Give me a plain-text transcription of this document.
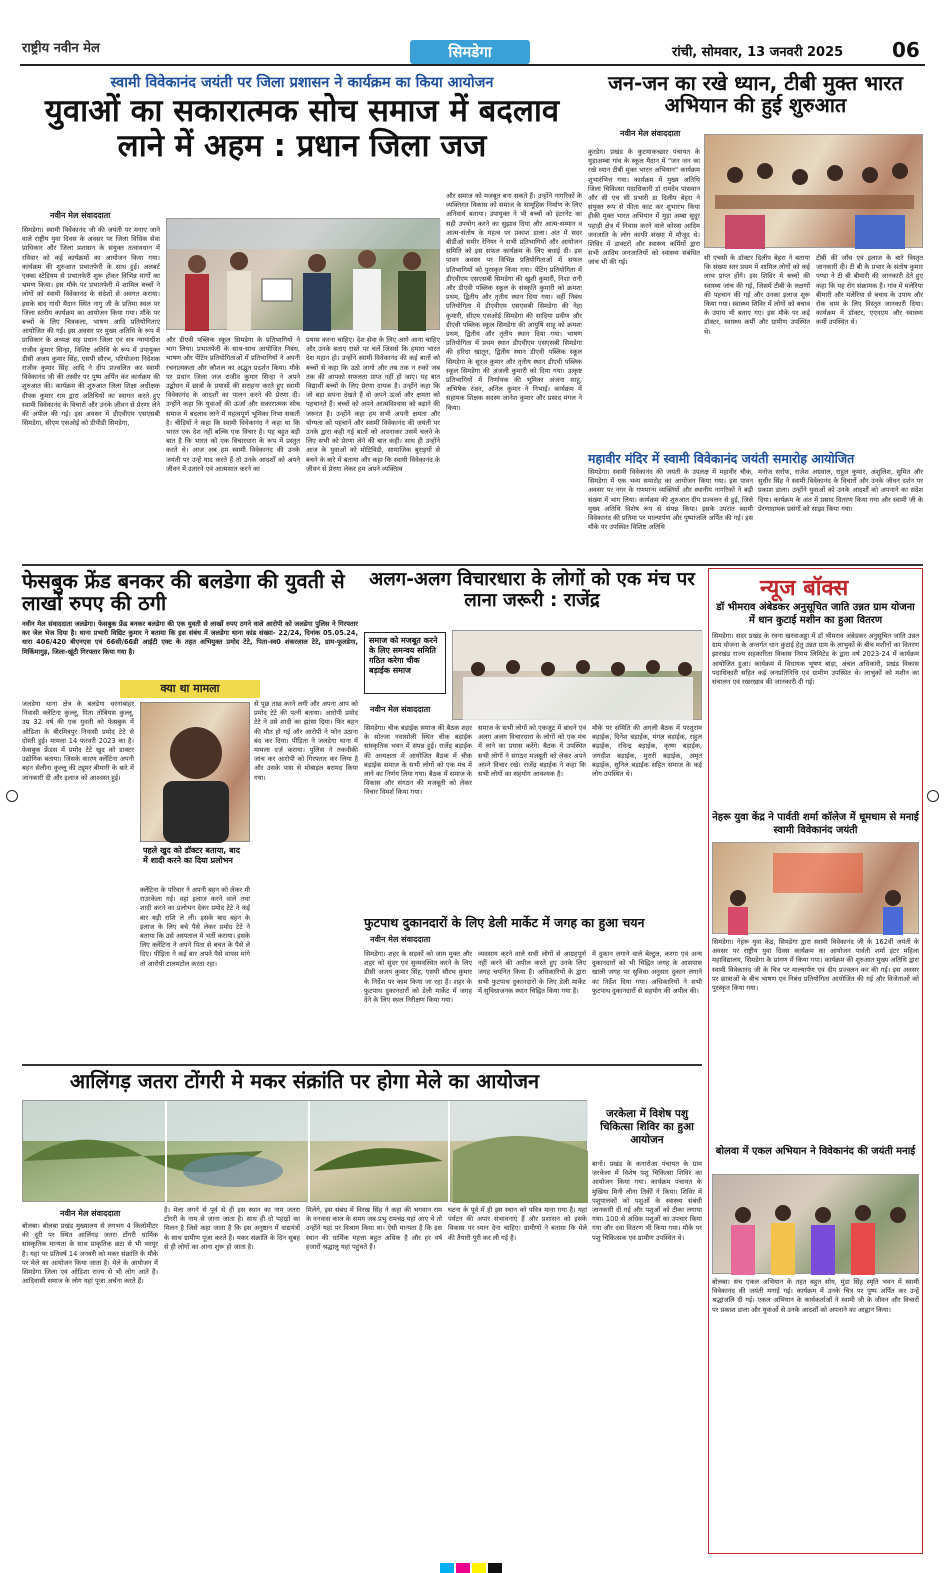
राष्ट्रीय नवीन मेल	सिमडेगा	रांची, सोमवार, 13 जनवरी 2025 06
स्वामी विवेकानंद जयंती पर जिला प्रशासन ने कार्यक्रम का किया आयोजन
युवाओं का सकारात्मक सोच समाज में बदलाव लाने में अहम : प्रधान जिला जज
नवीन मेल संवाददाता
सिमडेगा। स्वामी विवेकानंद जी की जयंती पर मनाए जाने वाले राष्ट्रीय युवा दिवस के अवसर पर जिला विधिक सेवा प्राधिकार और जिला प्रशासन के संयुक्त तत्वावधान में रविवार को कई कार्यक्रमों का आयोजन किया गया। कार्यक्रम की शुरुआत प्रभातफेरी के साथ हुई। अलबर्ट एक्का स्टेडियम से प्रभातफेरी शुरू होकर विभिन्न मार्गों का भ्रमण किया। इस मौके पर प्रभातफेरी में शामिल बच्चों ने लोगों को स्वामी विवेकानंद के संदेशों से अवगत कराया। इसके बाद गांधी मैदान स्थित नागु जी के प्रतिमा स्थल पर जिला स्तरीय कार्यक्रम का आयोजन किया गया। मौके पर बच्चों के लिए चित्रकला, भाषण आदि प्रतियोगिताएं आयोजित की गईं। इस अवसर पर मुख्य अतिथि के रूप में प्राधिकार के अध्यक्ष सह प्रधान जिला एवं सत्र न्यायाधीश राजीव कुमार सिन्हा, विशिष्ट अतिथि के रूप में उपायुक्त डीसी अजय कुमार सिंह, एसपी सौरभ, परियोजना निदेशक राजीव कुमार सिंह आदि ने दीप प्रज्वलित कर स्वामी विवेकानंद जी की तस्वीर पर पुष्प अर्पित कर कार्यक्रम की शुरुआत की। कार्यक्रम की शुरुआत जिला शिक्षा अधीक्षक दीपक कुमार राम द्वारा अतिथियों का स्वागत करते हुए स्वामी विवेकानंद के विचारों और उनके जीवन से प्रेरणा लेने की अपील की गई। इस अवसर में डीएवीएम एसएसबी सिमडेगा, सीएम एसओई को डीपीडी सिमडेगा,
और डीएवी पब्लिक स्कूल सिमडेगा के प्रतिभागियों ने भाग लिया। प्रभातफेरी के साथ-साथ आयोजित निबंध, भाषण और पेंटिंग प्रतियोगिताओं में प्रतिभागियों ने अपनी रचनात्मकता और कौशल का अद्भुत प्रदर्शन किया। मौके पर प्रधान जिला जज राजीव कुमार सिन्हा ने अपने उद्बोधन में छात्रों के प्रयासों की सराहना करते हुए स्वामी विवेकानंद के आदर्शों का पालन करने की प्रेरणा दी। उन्होंने कहा कि युवाओं की ऊर्जा और सकारात्मक सोच समाज में बदलाव लाने में महत्वपूर्ण भूमिका निभा सकती है। चीड़ियों ने कहा कि स्वामी विवेकानंद ने कहा था कि भारत एक देश नहीं बल्कि एक विचार है। यह बहुत बड़ी बात है कि भारत को एक विचारधारा के रूप में प्रस्तुत करते थे। आज अब हम स्वामी विवेकानंद की उनके जयंती पर उन्हें याद करते हैं तो उनके आदर्शों को अपने जीवन में उतारने एवं आत्मसात करने का
प्रयास करना चाहिए। देश सेवा के लिए आगे आना चाहिए और उनके बताए रास्ते पर चलें जिससे कि हमारा भारत देश महान हो। उन्होंने स्वामी विवेकानंद की कई बातों को बच्चों से कहा कि उठो जागो और तब तक न रुको जब तक की आपको सफलता प्राप्त नहीं हो जाए। यह बात विद्यार्थी बच्चों के लिए प्रेरणा दायक है। उन्होंने कहा कि जो बड़ा सपना देखते हैं वो अपने ऊर्जा और क्षमता को पहचानते हैं। बच्चों को अपने आत्मविश्वास को बढ़ाने की जरूरत है। उन्होंने कहा हम सभी अपनी क्षमता और योग्यता को पहचानें और स्वामी विवेकानंद की जयंती पर उनके द्वारा कही गई बातों को अपनाकर उसमें चलने के लिए सभी को प्रेरणा लेने की बात कही। साथ ही उन्होंने आज के युवाओं को मोटिविडी, सामाजिक बुराइयों से बचने के बारे में बताया और कहा कि स्वामी विवेकानंद के जीवन से प्रेरणा लेकर हम अपने व्यक्तित्व
और समाज को मजबूत बना सकते हैं। उन्होंने नागरिकों के व्यक्तिगत विकास को समाज के सामूहिक निर्माण के लिए अनिवार्य बताया। उपायुक्त ने भी बच्चों को इंटरनेट का सही उपयोग करने का सुझाव दिया और आत्म-सम्मान व आत्म-संतोष के महत्व पर प्रकाश डाला। अंत में सदर बीडीओ समीर रेनियर ने सभी प्रतिभागियों और आयोजन समिति को इस सफल कार्यक्रम के लिए बधाई दी। इस पावन अवसर पर विभिन्न प्रतियोगिताओं में सफल प्रतिभागियों को पुरस्कृत किया गया। पेंटिंग प्रतियोगिता में डीएवीएम एसएसबी सिमडेगा की खुशी कुमारी, निशा रानी और डीएवी पब्लिक स्कूल के संस्कृति कुमारी को क्रमशः प्रथम, द्वितीय और तृतीय स्थान दिया गया। वहीं निबंध प्रतियोगिता में डीएवीएम एसएसबी सिमडेगा की नेहा कुमारी, सीएम एसओई सिमडेगा की सादिया प्रवीण और डीएवी पब्लिक स्कूल सिमडेगा की आयुषि साहू को क्रमशः प्रथम, द्वितीय और तृतीय स्थान दिया गया। भाषण प्रतियोगिता में प्रथम स्थान डीएवीएम एसएसबी सिमडेगा की हरिदा खातून, द्वितीय स्थान डीएवी पब्लिक स्कूल सिमडेगा के सूरज कुमार और तृतीय स्थान डीएवी पब्लिक स्कूल सिमडेगा की अंजली कुमारी को दिया गया। उत्कृष्ट प्रतिभागियों में निर्णायक की भूमिका अंजना साहू, अभिषेक रंजन, अनिल कुमार ने निभाई। कार्यक्रम में सहायक शिक्षक सदस्य जानेश कुमार और प्रसाद मंगल ने किया।
जन-जन का रखे ध्यान, टीबी मुक्त भारत अभियान की हुई शुरुआत
नवीन मेल संवाददाता
कुरडेग। प्रखंड के कुटमाकच्छार पंचायत के मुड़ाअम्बा गांव के स्कूल मैदान में "जन जन का रखे ध्यान टीबी मुक्त भारत अभियान" कार्यक्रम शुभारंभित्त गया। कार्यक्रम में मुख्य अतिथि जिला चिकित्सा पदाधिकारी डॉ रामदेव पासवान और सी एच सी प्रभारी डा दिलीप बेहरा ने संयुक्त रूप से फीता काट कर शुभारंभ किया हीकी मुक्त भारत अभियान में मुड़ा अम्बा सुदूर पहाड़ी क्षेत्र में निवास करने वाले कोरवा आदिम जनजाति के लोग काफी संख्या में मौजूद थे। शिविर में डाक्टरों और स्वास्थ्य कर्मियों द्वारा सभी आदिम जनजातियों को स्वास्थ्य संबंधित जांच भी की गई।
सी एचसी के डॉक्टर दिलीप बेहरा ने बताया कि संख्या स्तर प्रथम में शामिल लोगों को कई लाभ प्राप्त होंगे। इस शिविर में बच्चों की स्वास्थ्य जांच की गई, जिसमें टीबी के लक्षणों की पहचान की गई और उनका इलाज शुरू किया गया। स्वास्थ्य शिविर में लोगों को बचाव के उपाय भी बताए गए। इस मौके पर कई डॉक्टर, स्वास्थ्य कर्मी और ग्रामीण उपस्थित थे।
टीबी की जाँच एवं इलाज के बारे विस्तृत जानकारी दी। टी बी के प्रभार के संतोष कुमार पण्डा ने टी बी बीमारी की जानकारी देते हुए कहा कि यह रोग संक्रामक है। गांव में मलेरिया बीमारी और मलेरिया से बचाव के उपाय और रोक थाम के लिए विस्तृत जानकारी दिया। कार्यक्रम में डॉक्टर, एएनएम और स्वास्थ्य कर्मी उपस्थित थे।
महावीर मंदिर में स्वामी विवेकानंद जयंती समारोह आयोजित
सिमडेगा। स्वामी विवेकानंद की जयंती के उपलक्ष में महावीर चौक, सिमडेगा में एक भव्य समारोह का आयोजन किया गया। इस पावन अवसर पर नगर के गणमान्य व्यक्तियों और स्थानीय नागरिकों ने बड़ी संख्या में भाग लिया। कार्यक्रम की शुरुआत दीप प्रज्वलन से हुई, जिसे मुख्य अतिथि विशेष रूप से संपन्न किया। इसके उपरांत स्वामी विवेकानंद की प्रतिमा पर माल्यार्पण और पुष्पांजलि अर्पित की गई। इस मौके पर उपस्थित विशिष्ट अतिथि
मनोज सर्राफ, राजेश अग्रवाल, राहुल कुमार, अंशुलिश, सुमित और सुधीर सिंह ने स्वामी विवेकानंद के विचारों और उनके जीवन दर्शन पर प्रकाश डाला। उन्होंने युवाओं को उनके आदर्शों को अपनाने का संदेश दिया। कार्यक्रम के अंत में प्रसाद वितरण किया गया और स्वामी जी के प्रेरणादायक प्रसंगों को साझा किया गया।
फेसबुक फ्रेंड बनकर की बलडेगा की युवती से लाखों रुपए की ठगी
नवीन मेल संवाददाता जलडेगा। फेसबुक फ्रेंड बनकर बलडेगा की एक युवती से लाखों रुपए ठगने वाले आरोपी को जलडेगा पुलिस ने गिरफ्तार कर जेल भेज दिया है। थाना प्रभारी विद्यिट कुमार ने बताया कि इस संबंध में जलडेगा थाना कांड संख्या- 22/24, दिनांक 05.05.24, धारा 406/420 बीएनएस एवं 66सी/66डी आईटी एक्ट के तहत अभियुक्त प्रमोद टेटे, पिता-स्व0 शंकरलाल टेटे, ग्राम-फूलडेगा, मिर्किमागुड़, जिला-खूंटी गिरफ्तार किया गया है।
क्या था मामला
जलडेगा थाना क्षेत्र के बलडेगा धरनाबाहर निवासी क्लेंटिना कुल्लू, पिता तोबियस कुल्लू, उम्र 32 वर्ष की एक युवती को फेसबुक में ओडिशा के बीरमित्रपुर निवासी प्रमोद टेटे से दोस्ती हुई। मामला 14 फरवरी 2023 का है। फेसबुक फ्रेंडस में प्रमोद टेटे खुद को डाक्टर उद्योगिक बताया। जिसके कारण क्लेंटिना अपनी बहन सेलीना कुल्लू की ट्यूमर बीमारी के बारे में जानकारी दी और इलाज को आश्वस्त हुई।
पहले खुद को डॉक्टर बताया, बाद में शादी करने का दिया प्रलोभन
क्लेंटिना के परिवार ने अपनी बहन को लेकर मी राउरकेला गई। वहां इलाज करने वाले तथा शादी करने का प्रलोभन देकर प्रमोद टेटे ने कई बार बड़ी राशि ले ली। इसके बाद बहन के इलाज के लिए बचे पैसे लेकर प्रमोद टेटे ने बताया कि उसे अस्पताल में भर्ती कराया। इसके लिए क्लेंटिना ने अपने पिता से बचत के पैसे ले दिए। पीड़िता ने कई बार अपने पैसे वापस मांगे तो आरोपी टालमटोल करता रहा।
से पूछ ताछ करने लगी और अपना आप को प्रमोद टेटे की पत्नी बताया। आरोपी प्रमोद टेटे ने उसे शादी का झांसा दिया। फिर बहन की मौत हो गई और आरोपी ने फोन उठाना बंद कर दिया। पीड़िता ने जलडेगा थाना में मामला दर्ज कराया। पुलिस ने तकनीकी जांच कर आरोपी को गिरफ्तार कर लिया है और उसके पास से मोबाइल बरामद किया गया।
अलग-अलग विचारधारा के लोगों को एक मंच पर लाना जरूरी : राजेंद्र
समाज को मजबूत करने के लिए समन्वय समिति गठित करेगा चीक बड़ाईक समाज
नवीन मेल संवाददाता
सिमडेगा। चीक बड़ाईक समाज की बैठक शहर के सोल्जा नवासोली स्थित चीक बड़ाईक सांस्कृतिक भवन में संपन्न हुई। राजेंद्र बड़ाईक की अध्यक्षता में आयोजित बैठक में चीक बड़ाईक समाज के सभी लोगों को एक मंच में लाने का निर्णय लिया गया। बैठक में समाज के विकास और संगठन की मजबूती को लेकर विचार विमर्श किया गया।
समाज के सभी लोगों को एकजुट में बांधने एवं अलग अलग विचारधारा के लोगों को एक मंच में लाने का प्रयास करेंगे। बैठक में उपस्थित सभी लोगों ने संगठन मजबूती को लेकर अपने अपने विचार रखे। राजेंद्र बड़ाईक ने कहा कि सभी लोगों का सहयोग आवश्यक है।
मौके पर समिति की अगली बैठक में परशुराम बड़ाईक, दिनेश बड़ाईक, मंगल बड़ाईक, राहुल बड़ाईक, रविन्द्र बड़ाईक, कृष्ण बड़ाईक, जगदीश बड़ाईक, मुरारी बड़ाईक, अमृत बड़ाईक, सुनिल बड़ाईक सहित समाज के कई लोग उपस्थित थे।
फुटपाथ दुकानदारों के लिए डेली मार्केट में जगह का हुआ चयन
नवीन मेल संवाददाता
सिमडेगा। शहर के सड़कों को जाम मुक्त और शहर को सुंदर एवं सुव्यवस्थित करने के लिए डीसी अजय कुमार सिंह, एसपी सौरभ कुमार के निर्देश पर काम किया जा रहा है। शहर के फुटपाथ दुकानदारों को डेली मार्केट में जगह देने के लिए स्थल निरीक्षण किया गया।
व्यवसाय करने वाले सभी लोगों से आग्रहपूर्ण नहीं करने की अपील करते हुए उनके लिए जगह चयनित किया है। अधिकारियों के द्वारा सभी फुटपाथ दुकानदारों के लिए डेली मार्केट में सुविधाजनक स्थान चिह्नित किया गया है।
में दुकान लगाने वाले बेल्टुल, करगा एवं अन्य दुकानदारों को भी चिह्नित जगह के आसपास खाली जगह पर सुविधा अनुसार दुकान लगाने का निर्देश दिया गया। अधिकारियों ने सभी फुटपाथ दुकानदारों से सहयोग की अपील की।
न्यूज बॉक्स
डॉ भीमराव अंबेडकर अनुसूचित जाति उन्नत ग्राम योजना में धान कुटाई मशीन का हुआ वितरण
सिमडेगा। सदर प्रखंड के रवना खरवाअड्डा में डॉ भीमराव अंबेडकर अनुसूचित जाति उन्नत ग्राम योजना के अन्तर्गत धान कुटाई हेतु उन्नत ग्राम के लाभुकों के बीच मशीनों का वितरण झारखंड राज्य सहकारिता विकास निगम लिमिटेड के द्वारा वर्ष 2023-24 में कार्यक्रम आयोजित हुआ। कार्यक्रम में विधायक भूषण बाड़ा, अंचल अधिकारी, प्रखंड विकास पदाधिकारी सहित कई जनप्रतिनिधि एवं ग्रामीण उपस्थित थे। लाभुकों को मशीन का संचालन एवं रखरखाव की जानकारी दी गई।
नेहरू युवा केंद्र ने पार्वती शर्मा कॉलेज में धूमधाम से मनाई स्वामी विवेकानंद जयंती
सिमडेगा। नेहरू युवा केंद्र, सिमडेगा द्वारा स्वामी विवेकानंद जी के 162वीं जयंती के अवसर पर राष्ट्रीय युवा दिवस कार्यक्रम का आयोजन पार्वती शर्मा इंटर महिला महाविद्यालय, सिमडेगा के प्रांगण में किया गया। कार्यक्रम की शुरुआत मुख्य अतिथि द्वारा स्वामी विवेकानंद जी के चित्र पर माल्यार्पण एवं दीप प्रज्वलन कर की गई। इस अवसर पर छात्राओं के बीच भाषण एवं निबंध प्रतियोगिता आयोजित की गई और विजेताओं को पुरस्कृत किया गया।
बोलवा में एकल अभियान ने विवेकानंद की जयंती मनाई
बोलबा। संच एकल अभियान के तहत बहुत सोय, मुंडा सिंह स्मृति भवन में स्वामी विवेकानंद की जयंती मनाई गई। कार्यक्रम में उनके चित्र पर पुष्प अर्पित कर उन्हें श्रद्धांजलि दी गई। एकल अभियान के कार्यकर्ताओं ने स्वामी जी के जीवन और विचारों पर प्रकाश डाला और युवाओं से उनके आदर्शों को अपनाने का आह्वान किया।
आलिंगड़ जतरा टोंगरी मे मकर संक्रांति पर होगा मेले का आयोजन
नवीन मेल संवाददाता
बोलबा। बोलबा प्रखंड मुख्यालय से लगभग 4 किलोमीटर की दूरी पर स्थित आलिंगड़ जतरा टोंगरी धार्मिक सांस्कृतिक मान्यता के साथ प्राकृतिक छटा से भी भरपूर है। यहां पर प्रतिवर्ष 14 जनवरी को मकर संक्रांति के मौके पर मेले का आयोजन किया जाता है। मेले के आयोजन में सिमडेगा जिला एवं ओड़िशा राज्य से भी लोग आते हैं। आदिवासी समाज के लोग यहां पूजा अर्चना करते हैं।
है। मेला लगने से पूर्व से ही इस स्थान का नाम जतरा टोंगरी के नाम से जाना जाता है। साथ ही दो पहाड़ों का मिलन है जिसे कहा जाता है कि इस अनुष्ठान में वाद्ययंत्रों के साथ ग्रामीण पूजा करते हैं। मकर संक्रांति के दिन सुबह से ही लोगों का आना शुरू हो जाता है।
मिलेंगे, इस संबंध में विरख सिंह ने कहा की भगवान राम के वनवास काल के समय जब प्रभु रामचंद्र यहां आए थे तो उन्होंने यहां पर विश्राम किया था। ऐसी मान्यता है कि इस स्थान की धार्मिक महत्ता बहुत अधिक है और हर वर्ष हजारों श्रद्धालु यहां पहुंचते हैं।
घटना के पूर्व में ही इस स्थान को पवित्र माना गया है। यहां पर्यटन की अपार संभावनाएं हैं और प्रशासन को इसके विकास पर ध्यान देना चाहिए। ग्रामीणों ने बताया कि मेले की तैयारी पूरी कर ली गई है।
जरकेला में विशेष पशु चिकित्सा शिविर का हुआ आयोजन
बानो। प्रखंड के कनारोआ पंचायत के ग्राम जरकेला में विशेष पशु चिकित्सा शिविर का आयोजन किया गया। कार्यक्रम पंचायत के मुखिया मिनी लीना तिर्की ने किया। शिविर में पशुपालकों को पशुओं के स्वास्थ्य संबंधी जानकारी दी गई और पशुओं को टीका लगाया गया। 100 से अधिक पशुओं का उपचार किया गया और दवा वितरण भी किया गया। मौके पर पशु चिकित्सक एवं ग्रामीण उपस्थित थे।
